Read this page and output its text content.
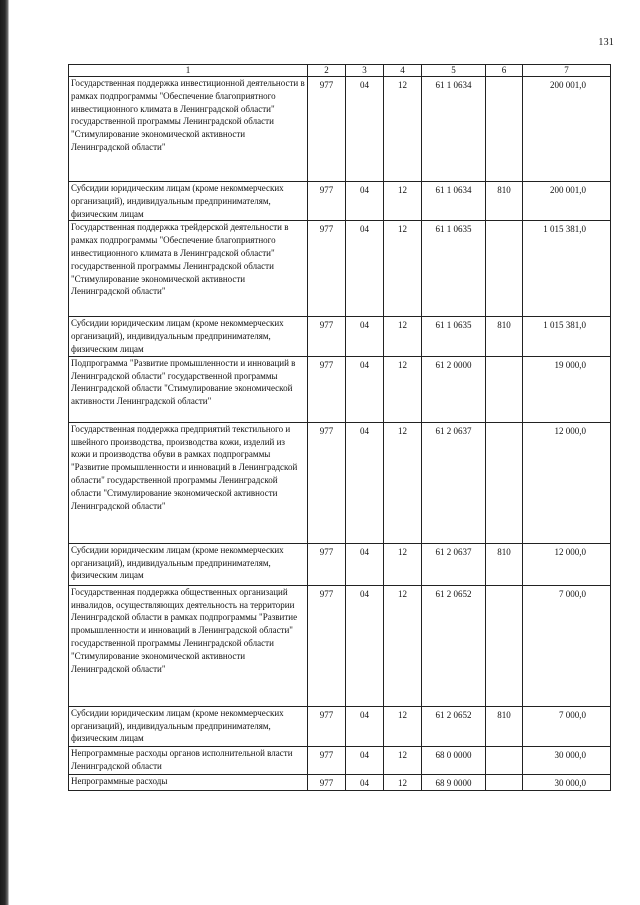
131
1	2	3	4	5	6	7
Государственная поддержка инвестиционной деятельности в рамках подпрограммы "Обеспечение благоприятного инвестиционного климата в Ленинградской области" государственной программы Ленинградской области "Стимулирование экономической активности Ленинградской области"	977	04	12	61 1 0634		200 001,0
Субсидии юридическим лицам (кроме некоммерческих организаций), индивидуальным предпринимателям, физическим лицам	977	04	12	61 1 0634	810	200 001,0
Государственная поддержка трейдерской деятельности в рамках подпрограммы "Обеспечение благоприятного инвестиционного климата в Ленинградской области" государственной программы Ленинградской области "Стимулирование экономической активности Ленинградской области"	977	04	12	61 1 0635		1 015 381,0
Субсидии юридическим лицам (кроме некоммерческих организаций), индивидуальным предпринимателям, физическим лицам	977	04	12	61 1 0635	810	1 015 381,0
Подпрограмма "Развитие промышленности и инноваций в Ленинградской области" государственной программы Ленинградской области "Стимулирование экономической активности Ленинградской области"	977	04	12	61 2 0000		19 000,0
Государственная поддержка предприятий текстильного и швейного производства, производства кожи, изделий из кожи и производства обуви в рамках подпрограммы "Развитие промышленности и инноваций в Ленинградской области" государственной программы Ленинградской области "Стимулирование экономической активности Ленинградской области"	977	04	12	61 2 0637		12 000,0
Субсидии юридическим лицам (кроме некоммерческих организаций), индивидуальным предпринимателям, физическим лицам	977	04	12	61 2 0637	810	12 000,0
Государственная поддержка общественных организаций инвалидов, осуществляющих деятельность на территории Ленинградской области в рамках подпрограммы "Развитие промышленности и инноваций в Ленинградской области" государственной программы Ленинградской области "Стимулирование экономической активности Ленинградской области"	977	04	12	61 2 0652		7 000,0
Субсидии юридическим лицам (кроме некоммерческих организаций), индивидуальным предпринимателям, физическим лицам	977	04	12	61 2 0652	810	7 000,0
Непрограммные расходы органов исполнительной власти Ленинградской области	977	04	12	68 0 0000		30 000,0
Непрограммные расходы	977	04	12	68 9 0000		30 000,0
